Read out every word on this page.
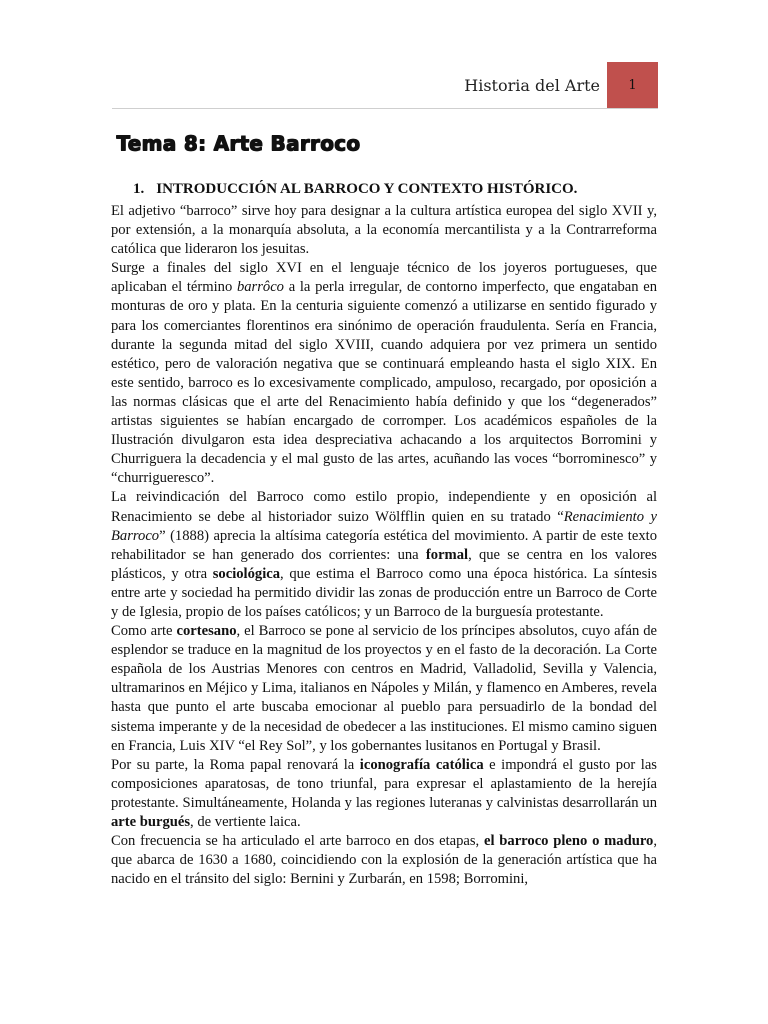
Historia del Arte 1
Tema 8: Arte Barroco
1. INTRODUCCIÓN AL BARROCO Y CONTEXTO HISTÓRICO.

El adjetivo “barroco” sirve hoy para designar a la cultura artística europea del siglo XVII y, por extensión, a la monarquía absoluta, a la economía mercantilista y a la Contrarreforma católica que lideraron los jesuitas.

Surge a finales del siglo XVI en el lenguaje técnico de los joyeros portugueses, que aplicaban el término barrôco a la perla irregular, de contorno imperfecto, que engataban en monturas de oro y plata. En la centuria siguiente comenzó a utilizarse en sentido figurado y para los comerciantes florentinos era sinónimo de operación fraudulenta. Sería en Francia, durante la segunda mitad del siglo XVIII, cuando adquiera por vez primera un sentido estético, pero de valoración negativa que se continuará empleando hasta el siglo XIX. En este sentido, barroco es lo excesivamente complicado, ampuloso, recargado, por oposición a las normas clásicas que el arte del Renacimiento había definido y que los “degenerados” artistas siguientes se habían encargado de corromper. Los académicos españoles de la Ilustración divulgaron esta idea despreciativa achacando a los arquitectos Borromini y Churriguera la decadencia y el mal gusto de las artes, acuñando las voces “borrominesco” y “churrigueresco”.

La reivindicación del Barroco como estilo propio, independiente y en oposición al Renacimiento se debe al historiador suizo Wölfflin quien en su tratado “Renacimiento y Barroco” (1888) aprecia la altísima categoría estética del movimiento. A partir de este texto rehabilitador se han generado dos corrientes: una formal, que se centra en los valores plásticos, y otra sociológica, que estima el Barroco como una época histórica. La síntesis entre arte y sociedad ha permitido dividir las zonas de producción entre un Barroco de Corte y de Iglesia, propio de los países católicos; y un Barroco de la burguesía protestante.

Como arte cortesano, el Barroco se pone al servicio de los príncipes absolutos, cuyo afán de esplendor se traduce en la magnitud de los proyectos y en el fasto de la decoración. La Corte española de los Austrias Menores con centros en Madrid, Valladolid, Sevilla y Valencia, ultramarinos en Méjico y Lima, italianos en Nápoles y Milán, y flamenco en Amberes, revela hasta que punto el arte buscaba emocionar al pueblo para persuadirlo de la bondad del sistema imperante y de la necesidad de obedecer a las instituciones. El mismo camino siguen en Francia, Luis XIV “el Rey Sol”, y los gobernantes lusitanos en Portugal y Brasil.

Por su parte, la Roma papal renovará la iconografía católica e impondrá el gusto por las composiciones aparatosas, de tono triunfal, para expresar el aplastamiento de la herejía protestante. Simultáneamente, Holanda y las regiones luteranas y calvinistas desarrollarán un arte burgués, de vertiente laica.

Con frecuencia se ha articulado el arte barroco en dos etapas, el barroco pleno o maduro, que abarca de 1630 a 1680, coincidiendo con la explosión de la generación artística que ha nacido en el tránsito del siglo: Bernini y Zurbarán, en 1598; Borromini,
